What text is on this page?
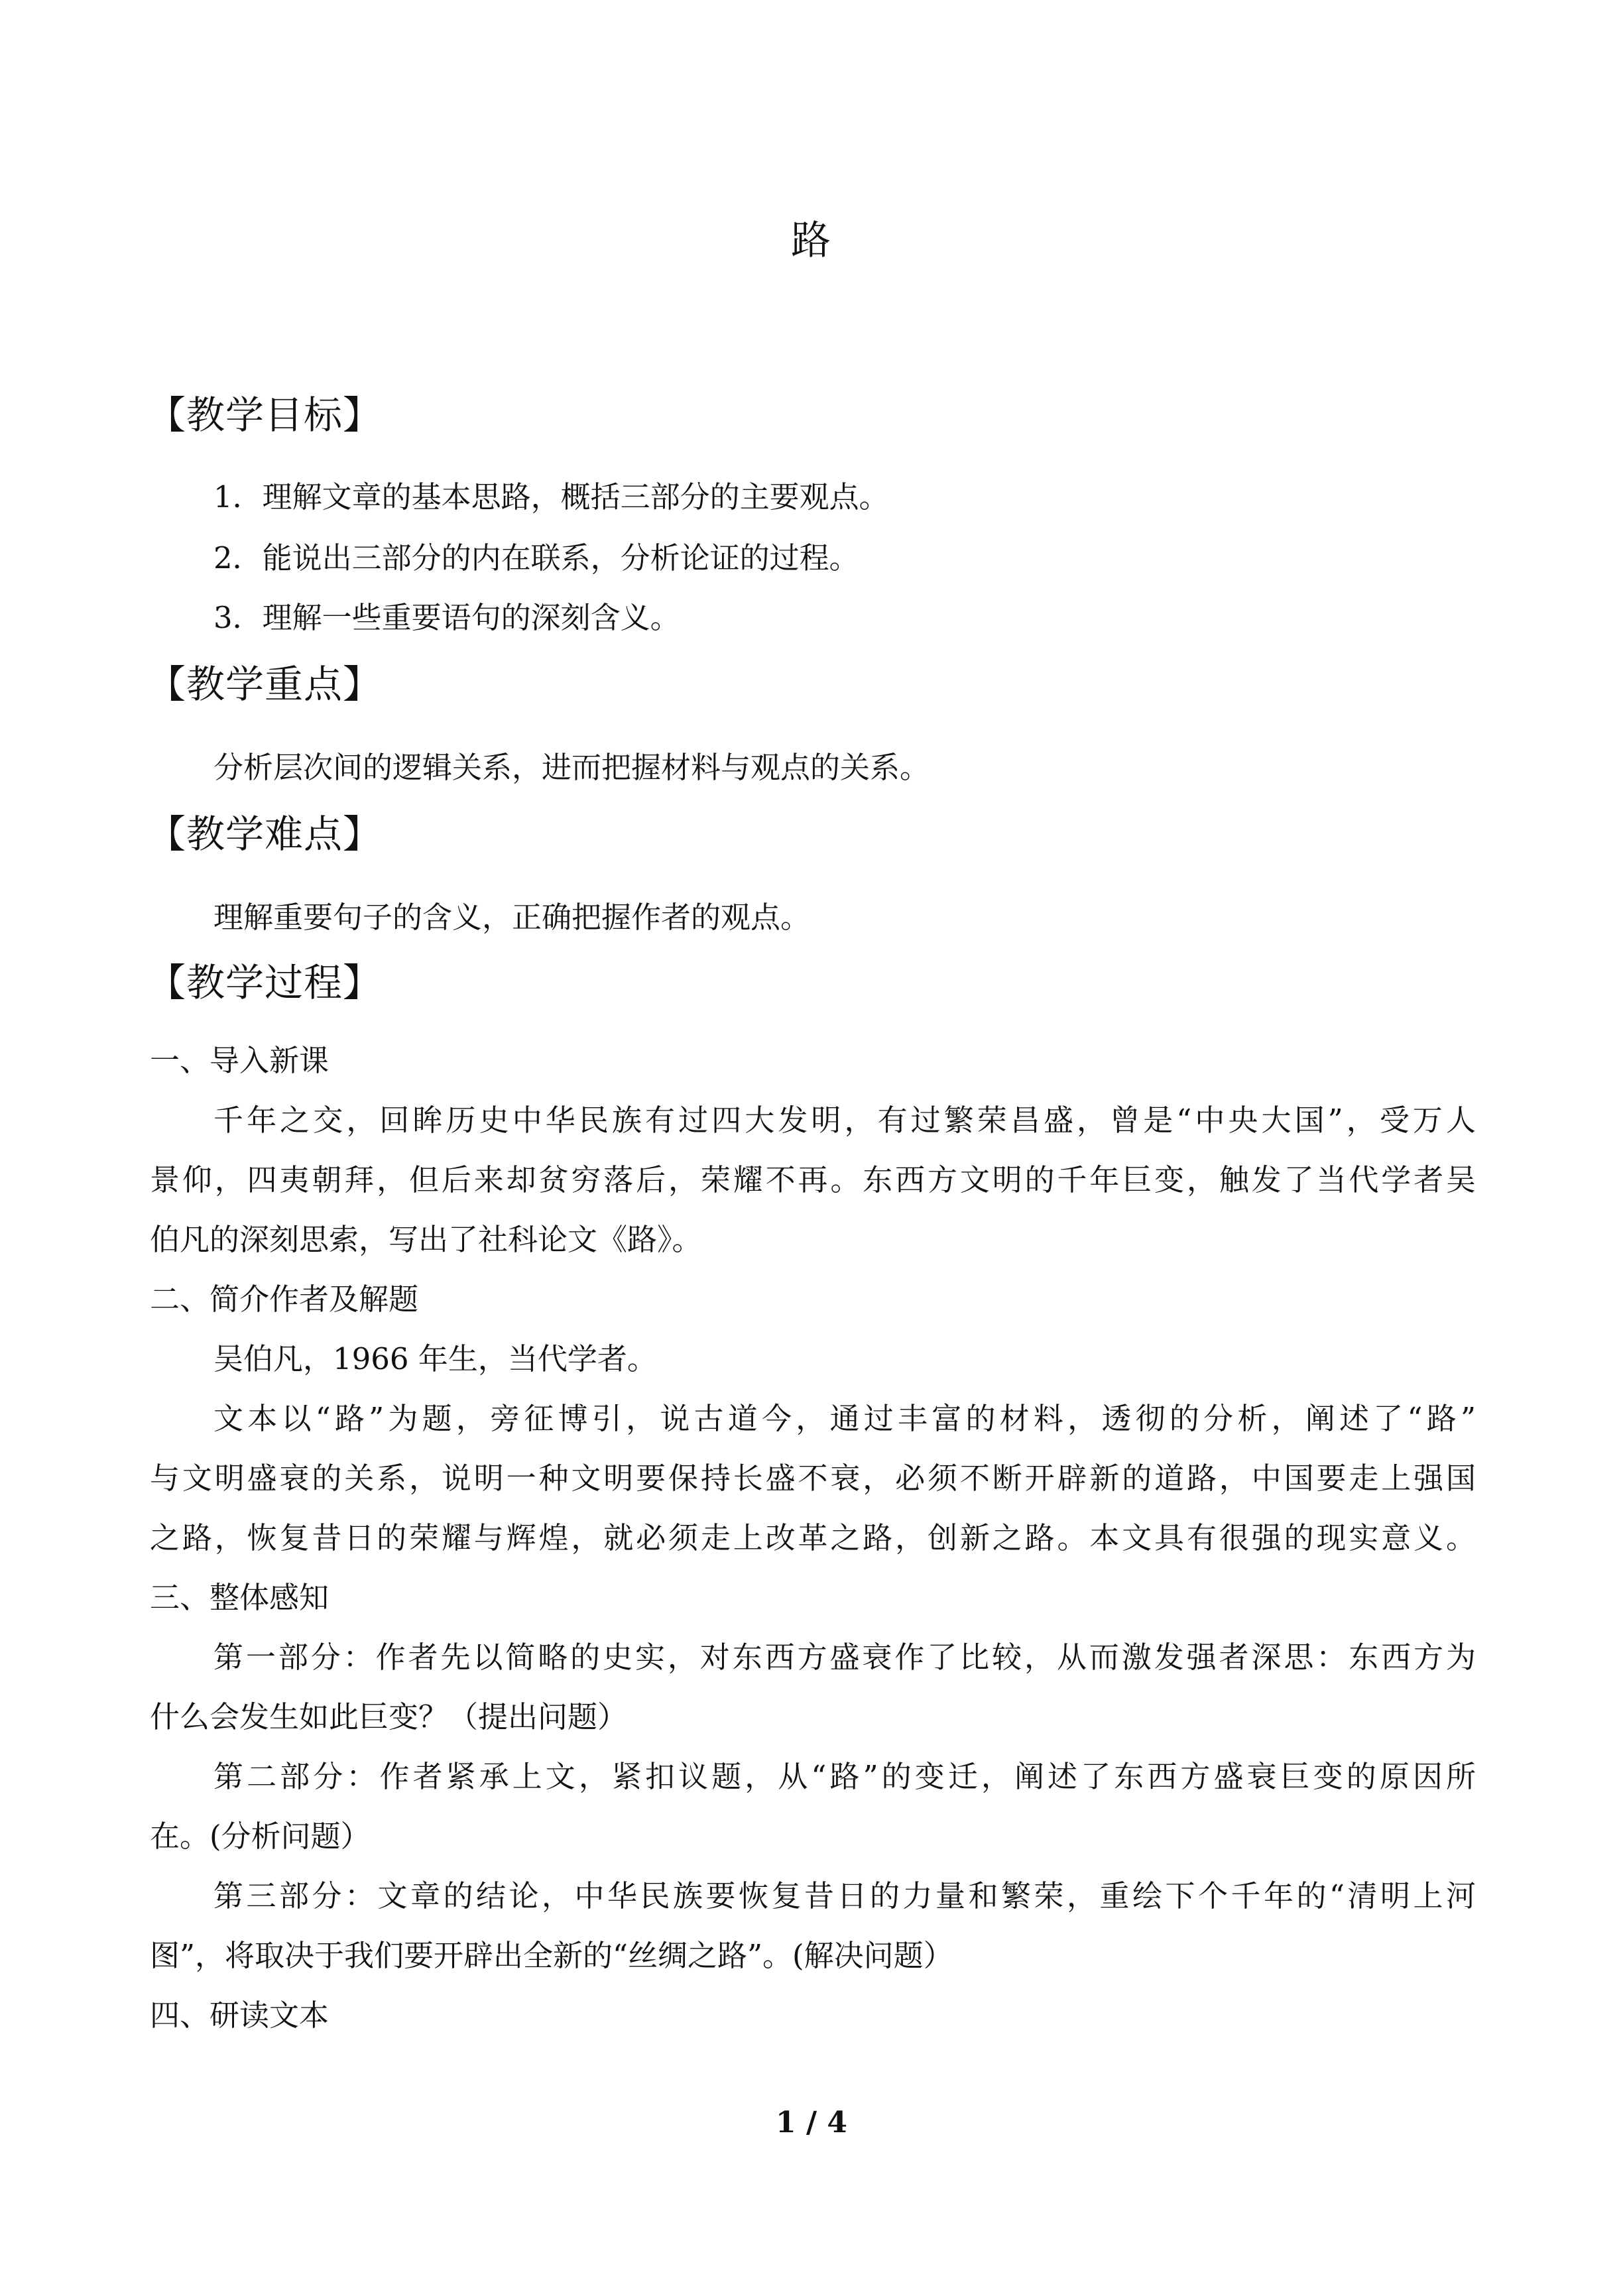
路
【教学目标】
1．理解文章的基本思路，概括三部分的主要观点。
2．能说出三部分的内在联系，分析论证的过程。
3．理解一些重要语句的深刻含义。
【教学重点】
分析层次间的逻辑关系，进而把握材料与观点的关系。
【教学难点】
理解重要句子的含义，正确把握作者的观点。
【教学过程】
一、导入新课
千年之交，回眸历史中华民族有过四大发明，有过繁荣昌盛，曾是“中央大国”，受万人
景仰，四夷朝拜，但后来却贫穷落后，荣耀不再。东西方文明的千年巨变，触发了当代学者吴
伯凡的深刻思索，写出了社科论文《路》。
二、简介作者及解题
吴伯凡，1966 年生，当代学者。
文本以“路”为题，旁征博引，说古道今，通过丰富的材料，透彻的分析，阐述了“路”
与文明盛衰的关系，说明一种文明要保持长盛不衰，必须不断开辟新的道路，中国要走上强国
之路，恢复昔日的荣耀与辉煌，就必须走上改革之路，创新之路。本文具有很强的现实意义。
三、整体感知
第一部分：作者先以简略的史实，对东西方盛衰作了比较，从而激发强者深思：东西方为
什么会发生如此巨变？（提出问题）
第二部分：作者紧承上文，紧扣议题，从“路”的变迁，阐述了东西方盛衰巨变的原因所
在。(分析问题）
第三部分：文章的结论，中华民族要恢复昔日的力量和繁荣，重绘下个千年的“清明上河
图”，将取决于我们要开辟出全新的“丝绸之路”。(解决问题）
四、研读文本
1 / 4
